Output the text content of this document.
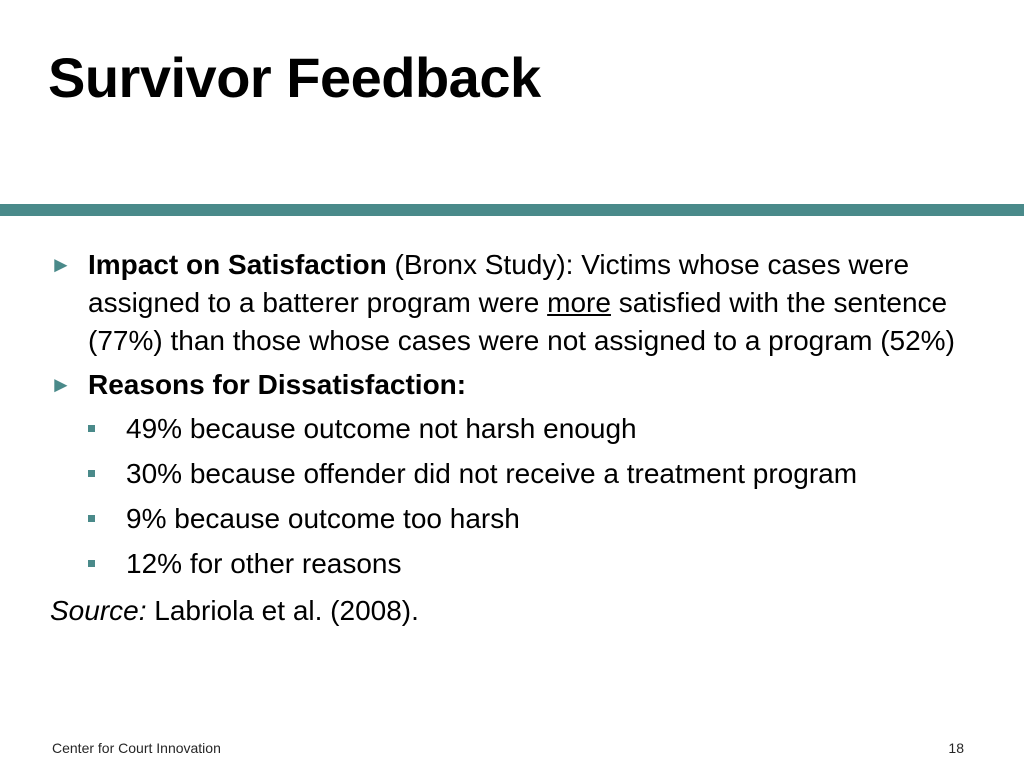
Survivor Feedback
► Impact on Satisfaction (Bronx Study): Victims whose cases were assigned to a batterer program were more satisfied with the sentence (77%) than those whose cases were not assigned to a program (52%)
► Reasons for Dissatisfaction:
49% because outcome not harsh enough
30% because offender did not receive a treatment program
9% because outcome too harsh
12% for other reasons
Source: Labriola et al. (2008).
Center for Court Innovation	18
